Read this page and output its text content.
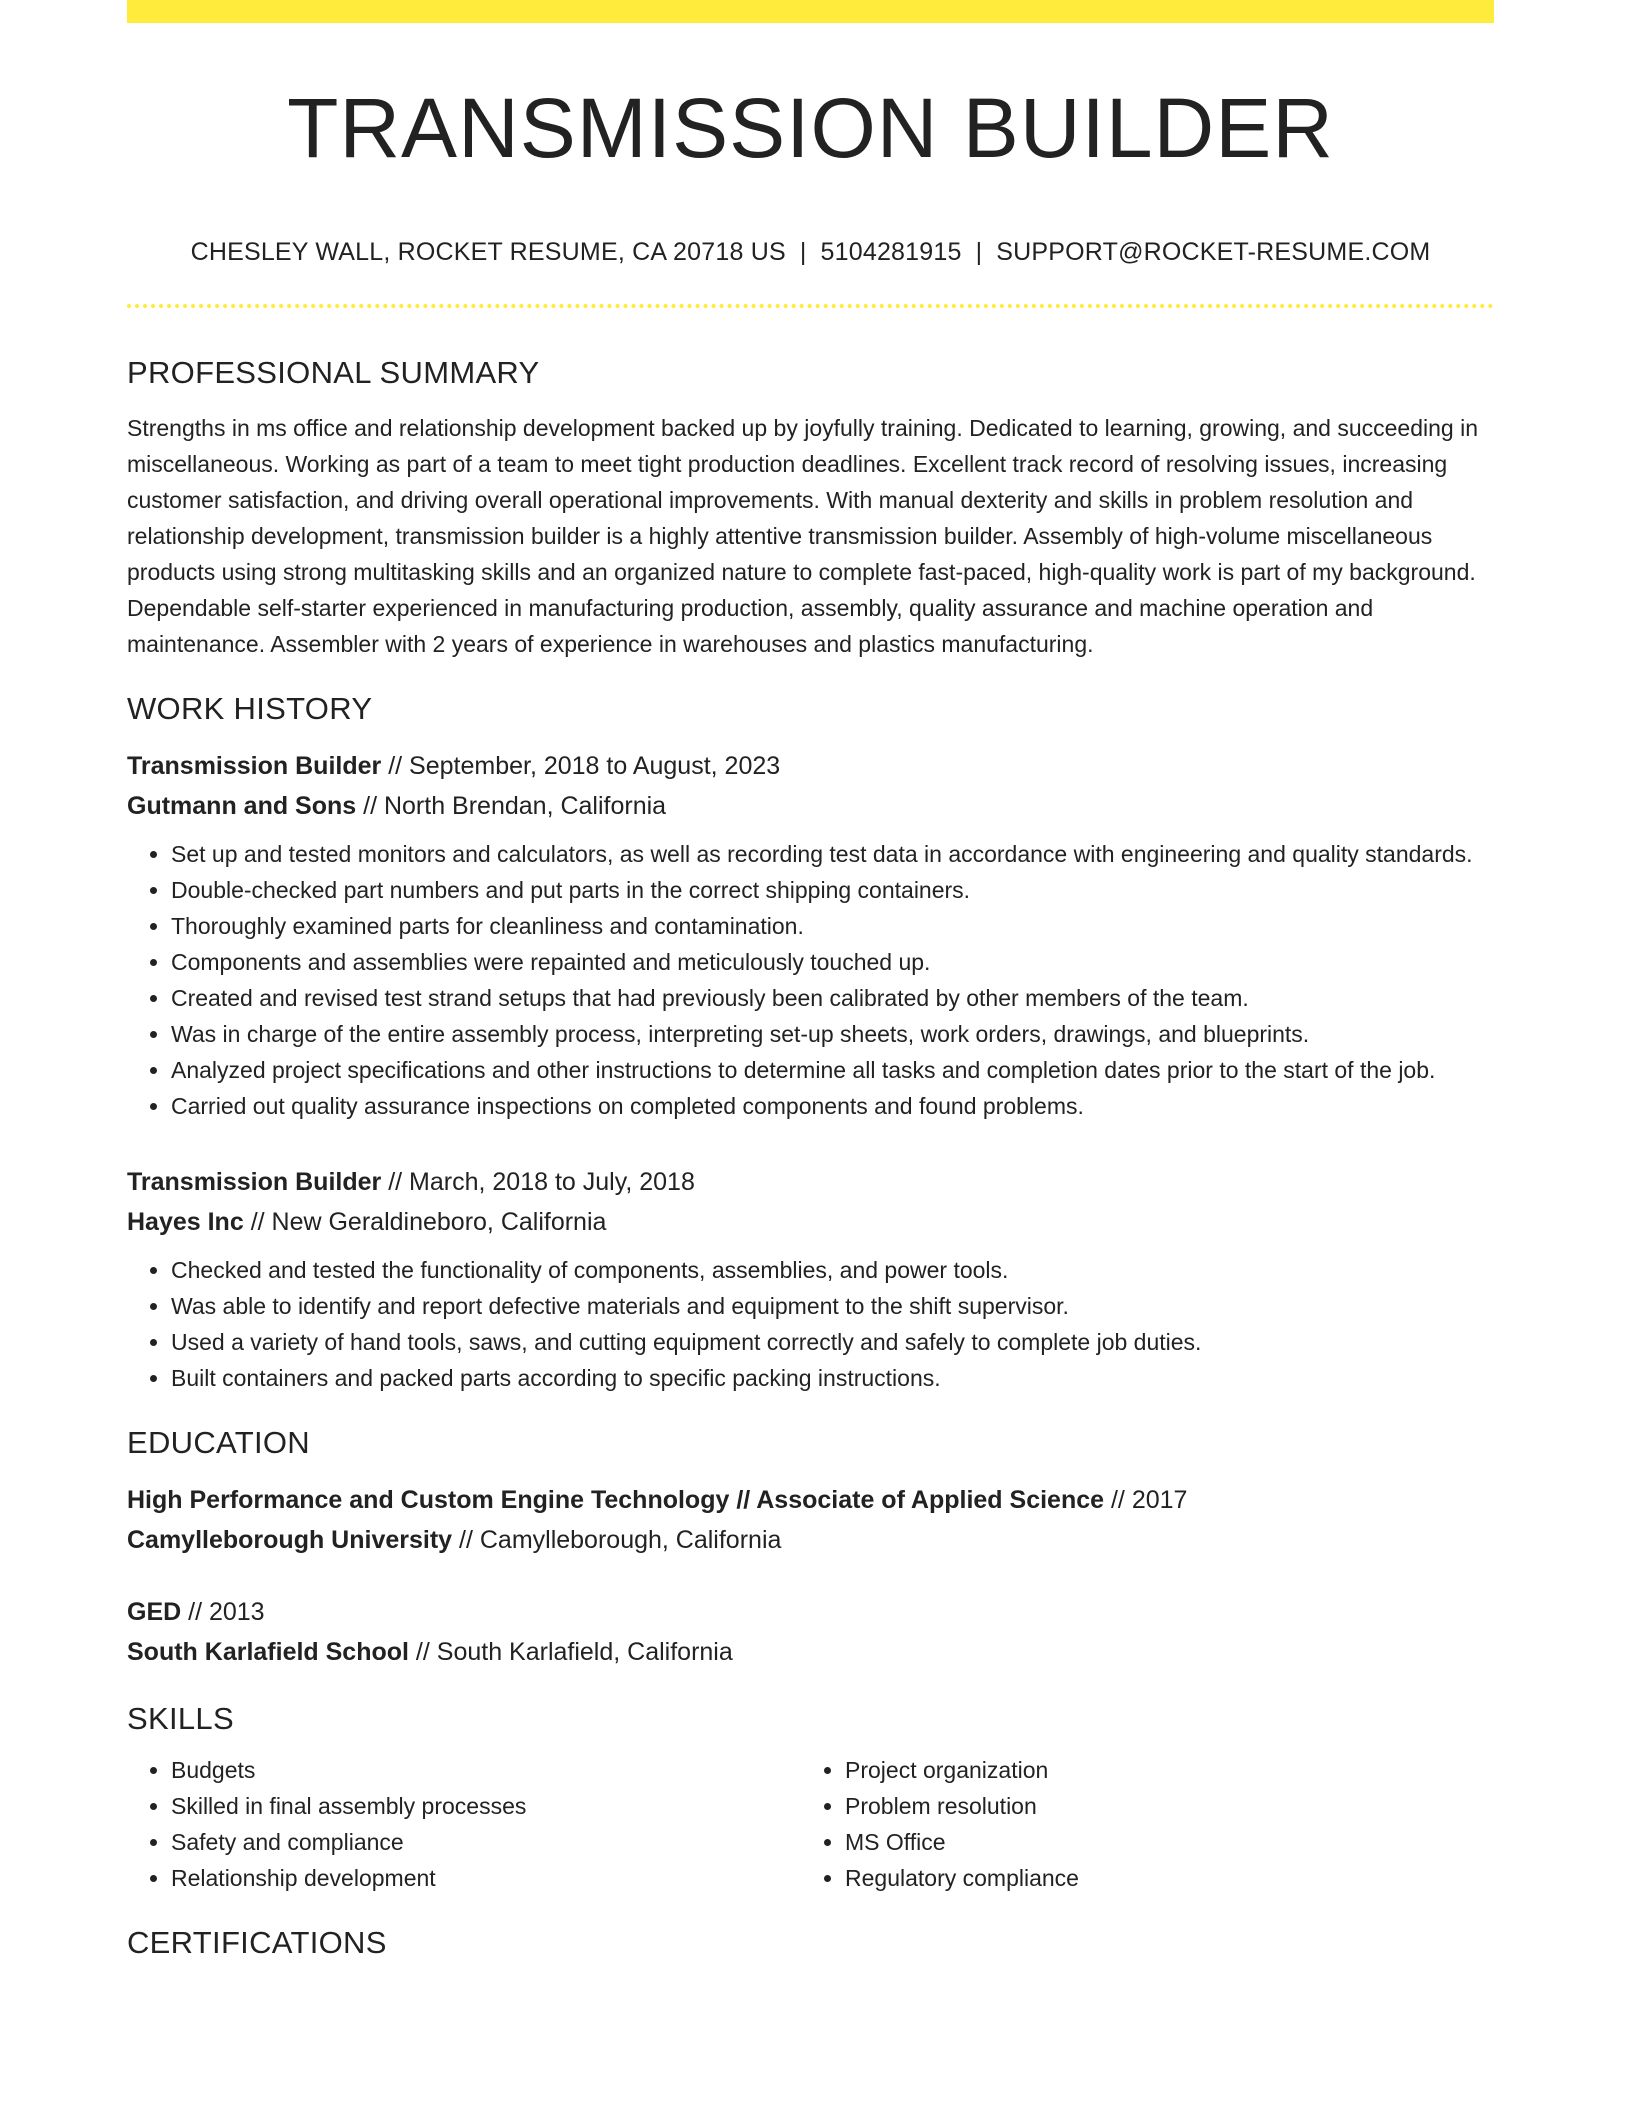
TRANSMISSION BUILDER
CHESLEY WALL, ROCKET RESUME, CA 20718 US | 5104281915 | SUPPORT@ROCKET-RESUME.COM
PROFESSIONAL SUMMARY

Strengths in ms office and relationship development backed up by joyfully training. Dedicated to learning, growing, and succeeding in miscellaneous. Working as part of a team to meet tight production deadlines. Excellent track record of resolving issues, increasing customer satisfaction, and driving overall operational improvements. With manual dexterity and skills in problem resolution and relationship development, transmission builder is a highly attentive transmission builder. Assembly of high-volume miscellaneous products using strong multitasking skills and an organized nature to complete fast-paced, high-quality work is part of my background. Dependable self-starter experienced in manufacturing production, assembly, quality assurance and machine operation and maintenance. Assembler with 2 years of experience in warehouses and plastics manufacturing.

WORK HISTORY
Transmission Builder // September, 2018 to August, 2023
Gutmann and Sons // North Brendan, California
• Set up and tested monitors and calculators, as well as recording test data in accordance with engineering and quality standards.
• Double-checked part numbers and put parts in the correct shipping containers.
• Thoroughly examined parts for cleanliness and contamination.
• Components and assemblies were repainted and meticulously touched up.
• Created and revised test strand setups that had previously been calibrated by other members of the team.
• Was in charge of the entire assembly process, interpreting set-up sheets, work orders, drawings, and blueprints.
• Analyzed project specifications and other instructions to determine all tasks and completion dates prior to the start of the job.
• Carried out quality assurance inspections on completed components and found problems.
Transmission Builder // March, 2018 to July, 2018
Hayes Inc // New Geraldineboro, California
• Checked and tested the functionality of components, assemblies, and power tools.
• Was able to identify and report defective materials and equipment to the shift supervisor.
• Used a variety of hand tools, saws, and cutting equipment correctly and safely to complete job duties.
• Built containers and packed parts according to specific packing instructions.
EDUCATION
High Performance and Custom Engine Technology // Associate of Applied Science // 2017
Camylleborough University // Camylleborough, California
GED // 2013
South Karlafield School // South Karlafield, California
SKILLS
• Budgets
• Skilled in final assembly processes
• Safety and compliance
• Relationship development
• Project organization
• Problem resolution
• MS Office
• Regulatory compliance
CERTIFICATIONS
